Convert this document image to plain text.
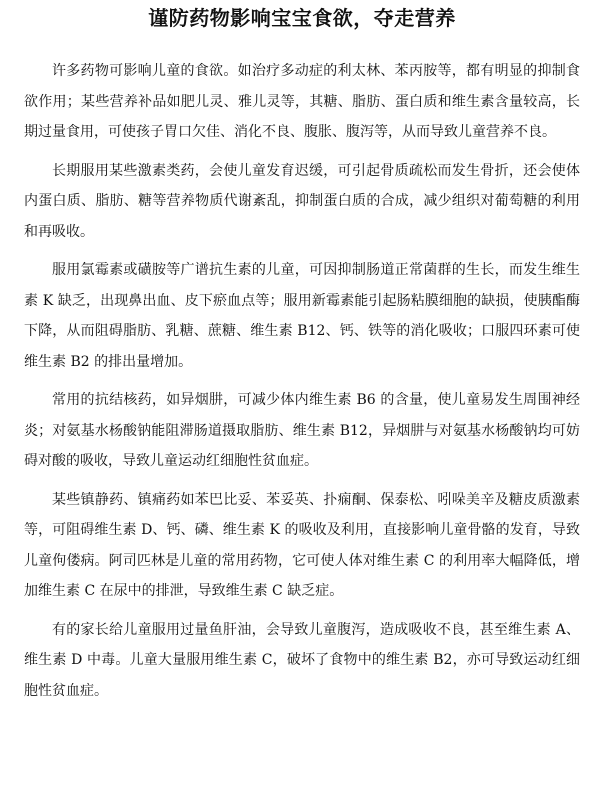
谨防药物影响宝宝食欲，夺走营养

许多药物可影响儿童的食欲。如治疗多动症的利太林、苯丙胺等，都有明显的抑制食欲作用；某些营养补品如肥儿灵、雅儿灵等，其糖、脂肪、蛋白质和维生素含量较高，长期过量食用，可使孩子胃口欠佳、消化不良、腹胀、腹泻等，从而导致儿童营养不良。

长期服用某些激素类药，会使儿童发育迟缓，可引起骨质疏松而发生骨折，还会使体内蛋白质、脂肪、糖等营养物质代谢紊乱，抑制蛋白质的合成，减少组织对葡萄糖的利用和再吸收。

服用氯霉素或磺胺等广谱抗生素的儿童，可因抑制肠道正常菌群的生长，而发生维生素 K 缺乏，出现鼻出血、皮下瘀血点等；服用新霉素能引起肠粘膜细胞的缺损，使胰酯酶下降，从而阻碍脂肪、乳糖、蔗糖、维生素 B12、钙、铁等的消化吸收；口服四环素可使维生素 B2 的排出量增加。

常用的抗结核药，如异烟肼，可减少体内维生素 B6 的含量，使儿童易发生周围神经炎；对氨基水杨酸钠能阻滞肠道摄取脂肪、维生素 B12，异烟肼与对氨基水杨酸钠均可妨碍对酸的吸收，导致儿童运动红细胞性贫血症。

某些镇静药、镇痛药如苯巴比妥、苯妥英、扑痫酮、保泰松、吲哚美辛及糖皮质激素等，可阻碍维生素 D、钙、磷、维生素 K 的吸收及利用，直接影响儿童骨骼的发育，导致儿童佝偻病。阿司匹林是儿童的常用药物，它可使人体对维生素 C 的利用率大幅降低，增加维生素 C 在尿中的排泄，导致维生素 C 缺乏症。

有的家长给儿童服用过量鱼肝油，会导致儿童腹泻，造成吸收不良，甚至维生素 A、维生素 D 中毒。儿童大量服用维生素 C，破坏了食物中的维生素 B2，亦可导致运动红细胞性贫血症。
